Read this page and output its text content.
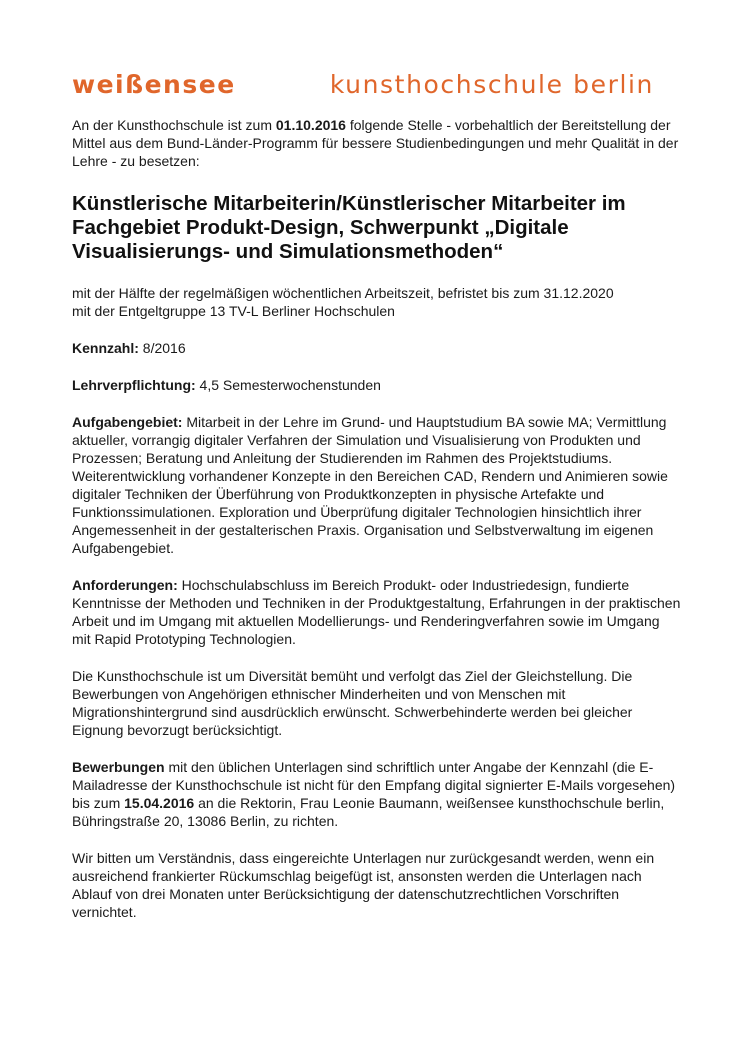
weißensee	kunsthochschule berlin

An der Kunsthochschule ist zum 01.10.2016 folgende Stelle - vorbehaltlich der Bereitstellung der Mittel aus dem Bund-Länder-Programm für bessere Studienbedingungen und mehr Qualität in der Lehre - zu besetzen:

Künstlerische Mitarbeiterin/Künstlerischer Mitarbeiter im Fachgebiet Produkt-Design, Schwerpunkt „Digitale Visualisierungs- und Simulationsmethoden“

mit der Hälfte der regelmäßigen wöchentlichen Arbeitszeit, befristet bis zum 31.12.2020
mit der Entgeltgruppe 13 TV-L Berliner Hochschulen

Kennzahl: 8/2016

Lehrverpflichtung: 4,5 Semesterwochenstunden

Aufgabengebiet: Mitarbeit in der Lehre im Grund- und Hauptstudium BA sowie MA; Vermittlung aktueller, vorrangig digitaler Verfahren der Simulation und Visualisierung von Produkten und Prozessen; Beratung und Anleitung der Studierenden im Rahmen des Projektstudiums. Weiterentwicklung vorhandener Konzepte in den Bereichen CAD, Rendern und Animieren sowie digitaler Techniken der Überführung von Produktkonzepten in physische Artefakte und Funktionssimulationen. Exploration und Überprüfung digitaler Technologien hinsichtlich ihrer Angemessenheit in der gestalterischen Praxis. Organisation und Selbstverwaltung im eigenen Aufgabengebiet.

Anforderungen: Hochschulabschluss im Bereich Produkt- oder Industriedesign, fundierte Kenntnisse der Methoden und Techniken in der Produktgestaltung, Erfahrungen in der praktischen Arbeit und im Umgang mit aktuellen Modellierungs- und Renderingverfahren sowie im Umgang mit Rapid Prototyping Technologien.

Die Kunsthochschule ist um Diversität bemüht und verfolgt das Ziel der Gleichstellung. Die Bewerbungen von Angehörigen ethnischer Minderheiten und von Menschen mit Migrationshintergrund sind ausdrücklich erwünscht. Schwerbehinderte werden bei gleicher Eignung bevorzugt berücksichtigt.

Bewerbungen mit den üblichen Unterlagen sind schriftlich unter Angabe der Kennzahl (die E-Mailadresse der Kunsthochschule ist nicht für den Empfang digital signierter E-Mails vorgesehen) bis zum 15.04.2016 an die Rektorin, Frau Leonie Baumann, weißensee kunsthochschule berlin, Bühringstraße 20, 13086 Berlin, zu richten.

Wir bitten um Verständnis, dass eingereichte Unterlagen nur zurückgesandt werden, wenn ein ausreichend frankierter Rückumschlag beigefügt ist, ansonsten werden die Unterlagen nach Ablauf von drei Monaten unter Berücksichtigung der datenschutzrechtlichen Vorschriften vernichtet.
